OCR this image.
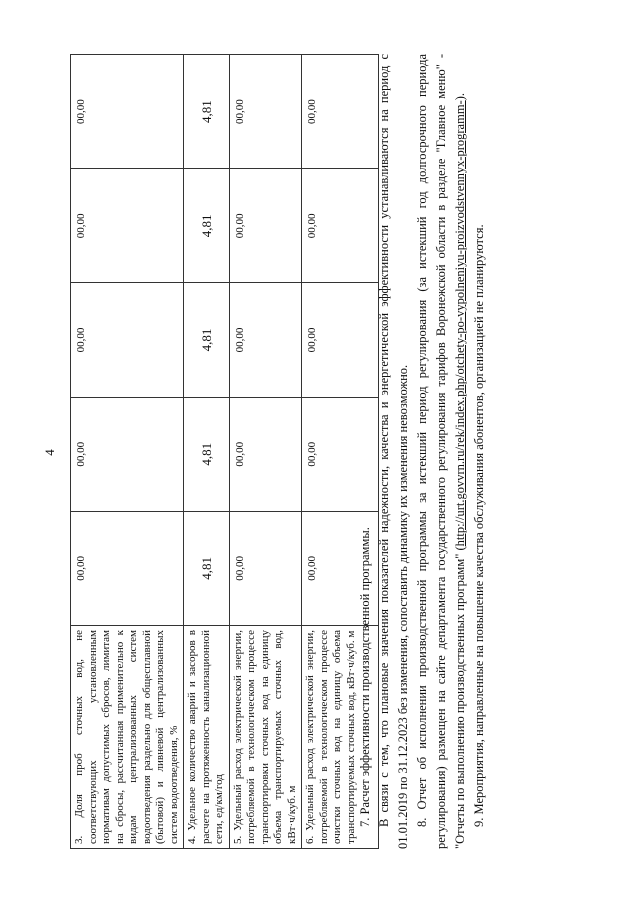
4
3. Доля проб сточных вод, не соответствующих установленным нормативам допустимых сбросов, лимитам на сбросы, рассчитанная применительно к видам централизованных систем водоотведения раздельно для общесплавной (бытовой) и ливневой централизованных систем водоотведения, %	00,00	00,00	00,00	00,00	00,00
4. Удельное количество аварий и засоров в расчете на протяженность канализационной сети, ед/км/год	4,81	4,81	4,81	4,81	4,81
5. Удельный расход электрической энергии, потребляемой в технологическом процессе транспортировки сточных вод на единицу объема транспортируемых сточных вод, кВт·ч/куб. м	00,00	00,00	00,00	00,00	00,00
6. Удельный расход электрической энергии, потребляемой в технологическом процессе очистки сточных вод на единицу объема транспортируемых сточных вод, кВт·ч/куб. м	00,00	00,00	00,00	00,00	00,00

7. Расчет эффективности производственной программы. В связи с тем, что плановые значения показателей надежности, качества и энергетической эффективности устанавливаются на период с 01.01.2019 по 31.12.2023 без изменения, сопоставить динамику их изменения невозможно. 8. Отчет об исполнении производственной программы за истекший период регулирования (за истекший год долгосрочного периода регулирования) размещен на сайте департамента государственного регулирования тарифов Воронежской области в разделе "Главное меню" - "Отчеты по выполнению производственных программ" (http://urt.govvrn.ru/rek/index.php/otchety-po-vypolneniyu-proizvodstvennyx-programm-).

9. Мероприятия, направленные на повышение качества обслуживания абонентов, организацией не планируются.
